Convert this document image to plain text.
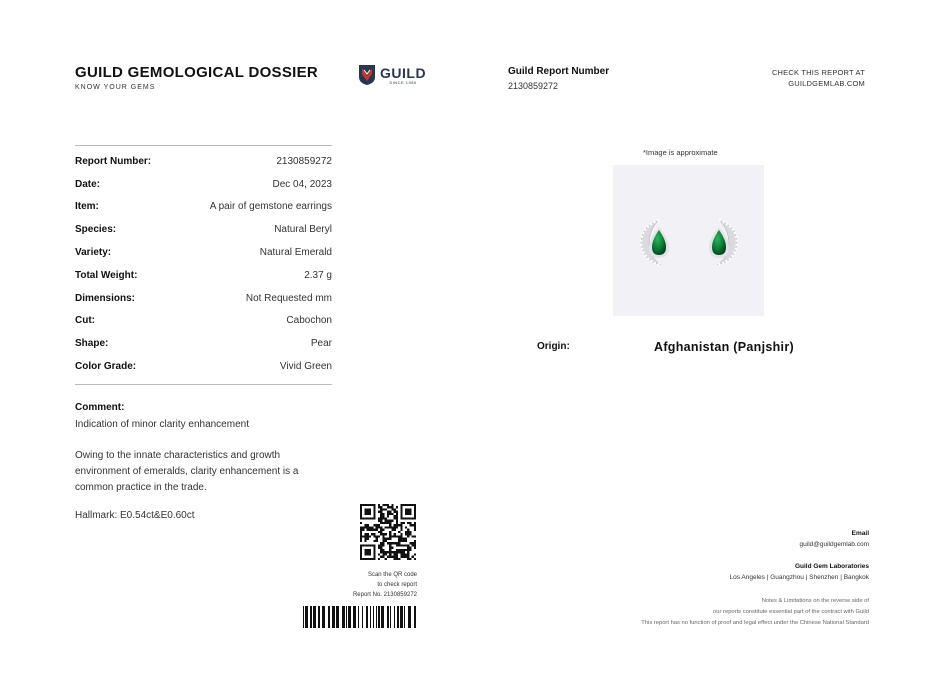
GUILD GEMOLOGICAL DOSSIER
KNOW YOUR GEMS
GUILD
SINCE 1980
Guild Report Number
2130859272
CHECK THIS REPORT AT
GUILDGEMLAB.COM
Report Number:	2130859272
Date:	Dec 04, 2023
Item:	A pair of gemstone earrings
Species:	Natural Beryl
Variety:	Natural Emerald
Total Weight:	2.37 g
Dimensions:	Not Requested mm
Cut:	Cabochon
Shape:	Pear
Color Grade:	Vivid Green
Comment:
Indication of minor clarity enhancement
Owing to the innate characteristics and growth environment of emeralds, clarity enhancement is a common practice in the trade.
Hallmark: E0.54ct&E0.60ct
Scan the QR code
to check report
Report No. 2130859272
*Image is approximate
Origin:	Afghanistan (Panjshir)
Email
guild@guildgemlab.com
Guild Gem Laboratories
Los Angeles | Guangzhou | Shenzhen | Bangkok
Notes & Limitations on the reverse side of
our reports constitute essential part of the contract with Guild
This report has no function of proof and legal effect under the Chinese National Standard
